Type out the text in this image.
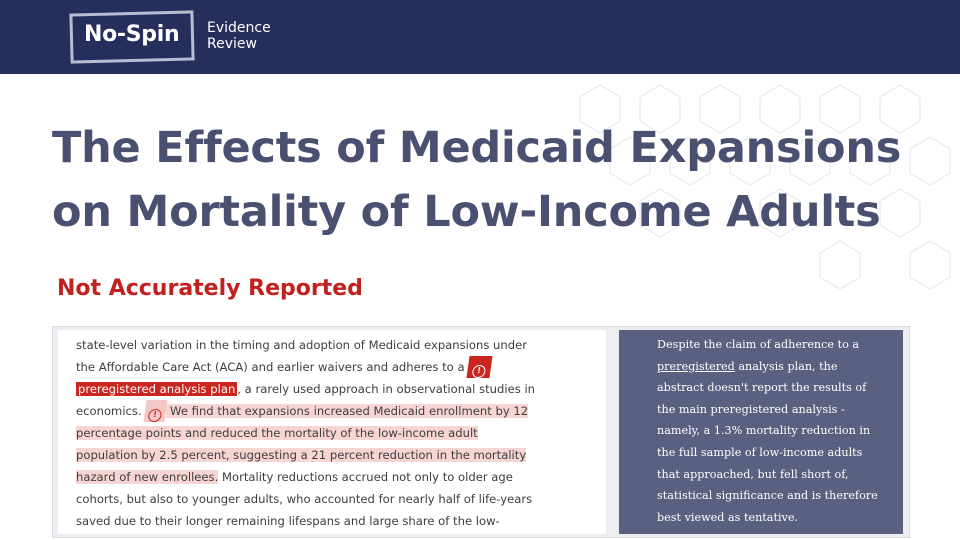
No-Spin Evidence
Review
The Effects of Medicaid Expansions
on Mortality of Low-Income Adults
Not Accurately Reported
state-level variation in the timing and adoption of Medicaid expansions under
the Affordable Care Act (ACA) and earlier waivers and adheres to a !
preregistered analysis plan , a rarely used approach in observational studies in
economics. ! We find that expansions increased Medicaid enrollment by 12
percentage points and reduced the mortality of the low-income adult
population by 2.5 percent, suggesting a 21 percent reduction in the mortality
hazard of new enrollees. Mortality reductions accrued not only to older age
cohorts, but also to younger adults, who accounted for nearly half of life-years
saved due to their longer remaining lifespans and large share of the low-
Despite the claim of adherence to a
preregistered analysis plan, the
abstract doesn't report the results of
the main preregistered analysis -
namely, a 1.3% mortality reduction in
the full sample of low-income adults
that approached, but fell short of,
statistical significance and is therefore
best viewed as tentative.
